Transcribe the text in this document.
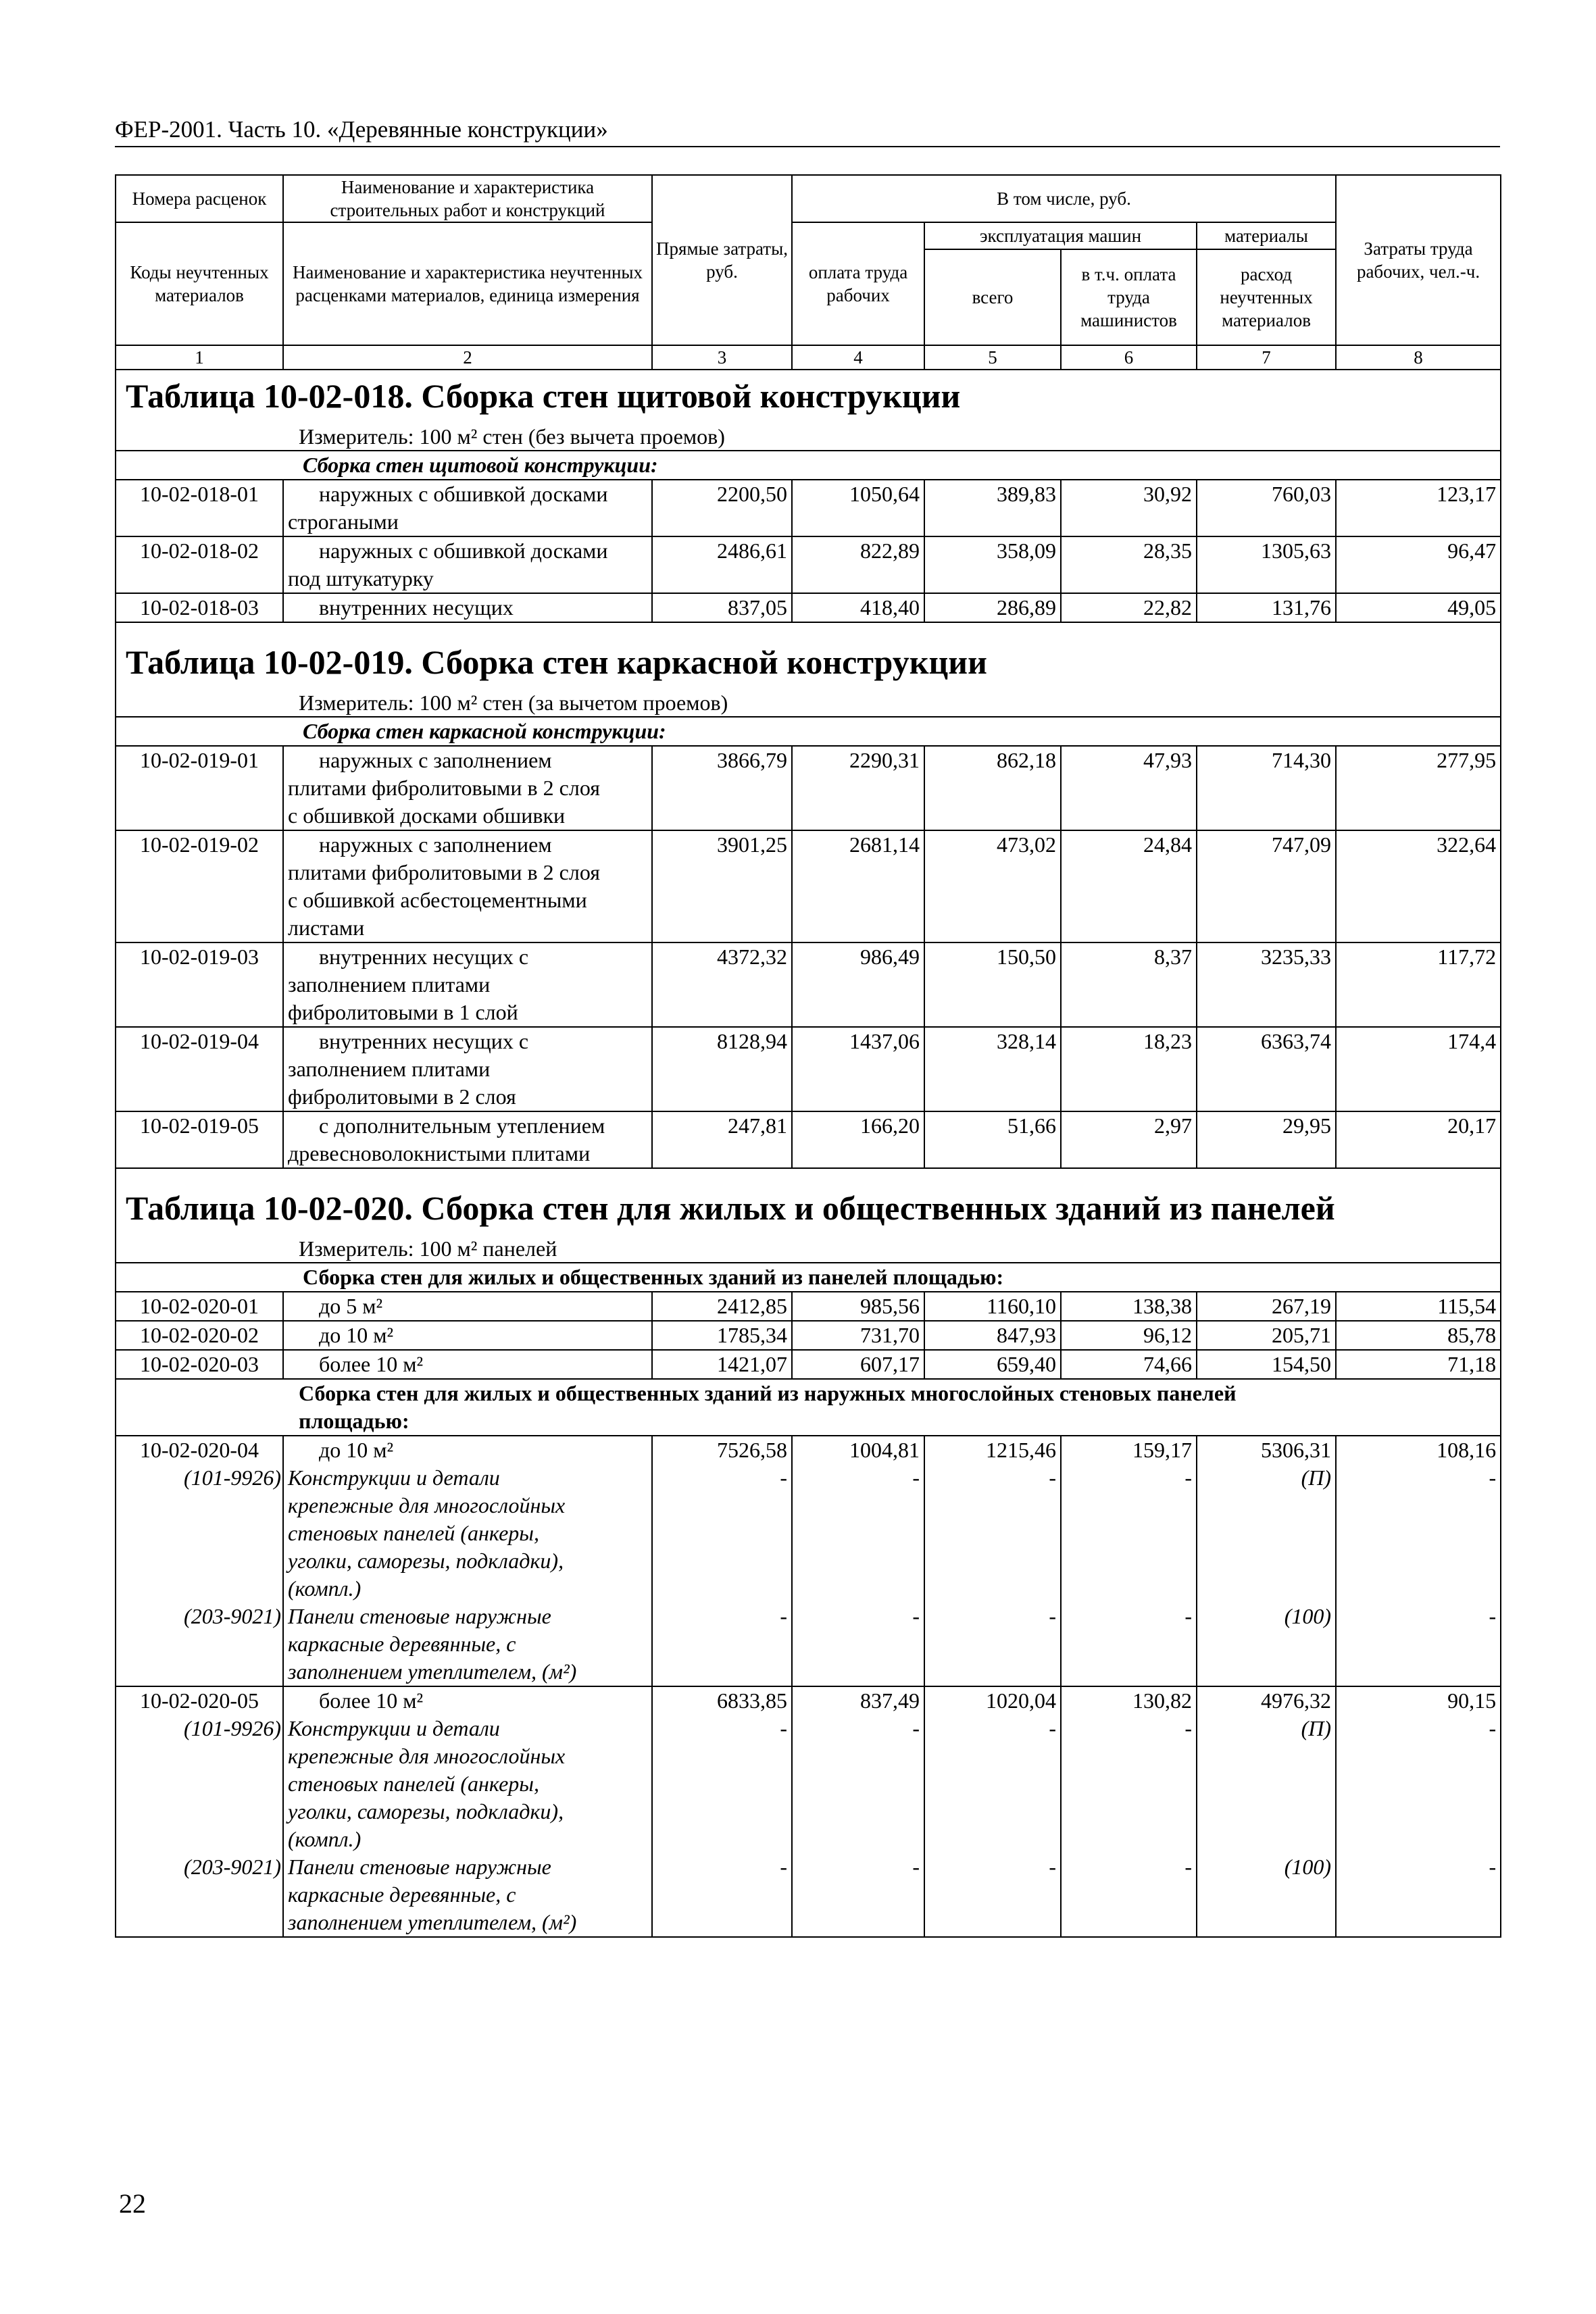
ФЕР-2001. Часть 10. «Деревянные конструкции»
Номера расценок	Наименование и характеристика строительных работ и конструкций	Прямые затраты, руб.	В том числе, руб.				Затраты труда рабочих, чел.-ч.
Коды неучтенных материалов	Наименование и характеристика неучтенных расценками материалов, единица измерения		оплата труда рабочих	эксплуатация машин		материалы	
				всего	в т.ч. оплата труда машинистов	расход неучтенных материалов	
1	2	3	4	5	6	7	8
Таблица 10-02-018. Сборка стен щитовой конструкции
Измеритель: 100 м² стен (без вычета проемов)							

Сборка стен щитовой конструкции:							

10-02-018-01	наружных с обшивкой досками
строгаными	2200,50	1050,64	389,83	30,92	760,03	123,17
10-02-018-02	наружных с обшивкой досками
под штукатурку	2486,61	822,89	358,09	28,35	1305,63	96,47
10-02-018-03	внутренних несущих	837,05	418,40	286,89	22,82	131,76	49,05

Таблица 10-02-019. Сборка стен каркасной конструкции
Измеритель: 100 м² стен (за вычетом проемов)							

Сборка стен каркасной конструкции:							

10-02-019-01	наружных с заполнением
плитами фибролитовыми в 2 слоя
с обшивкой досками обшивки	3866,79	2290,31	862,18	47,93	714,30	277,95
10-02-019-02	наружных с заполнением
плитами фибролитовыми в 2 слоя
с обшивкой асбестоцементными
листами	3901,25	2681,14	473,02	24,84	747,09	322,64
10-02-019-03	внутренних несущих с
заполнением плитами
фибролитовыми в 1 слой	4372,32	986,49	150,50	8,37	3235,33	117,72
10-02-019-04	внутренних несущих с
заполнением плитами
фибролитовыми в 2 слоя	8128,94	1437,06	328,14	18,23	6363,74	174,4
10-02-019-05	с дополнительным утеплением
древесноволокнистыми плитами	247,81	166,20	51,66	2,97	29,95	20,17

Таблица 10-02-020. Сборка стен для жилых и общественных зданий из панелей
Измеритель: 100 м² панелей							

Сборка стен для жилых и общественных зданий из панелей площадью:							

10-02-020-01	до 5 м²	2412,85	985,56	1160,10	138,38	267,19	115,54
10-02-020-02	до 10 м²	1785,34	731,70	847,93	96,12	205,71	85,78
10-02-020-03	более 10 м²	1421,07	607,17	659,40	74,66	154,50	71,18

Сборка стен для жилых и общественных зданий из наружных многослойных стеновых панелей
площадью:							

10-02-020-04	до 10 м²	7526,58	1004,81	1215,46	159,17	5306,31	108,16
(101-9926)	Конструкции и детали
крепежные для многослойных
стеновых панелей (анкеры,
уголки, саморезы, подкладки),
(компл.)	-	-	-	-	(П)	-
(203-9021)	Панели стеновые наружные
каркасные деревянные, с
заполнением утеплителем, (м²)	-	-	-	-	(100)	-
10-02-020-05	более 10 м²	6833,85	837,49	1020,04	130,82	4976,32	90,15
(101-9926)	Конструкции и детали
крепежные для многослойных
стеновых панелей (анкеры,
уголки, саморезы, подкладки),
(компл.)	-	-	-	-	(П)	-
(203-9021)	Панели стеновые наружные
каркасные деревянные, с
заполнением утеплителем, (м²)	-	-	-	-	(100)	-
22
